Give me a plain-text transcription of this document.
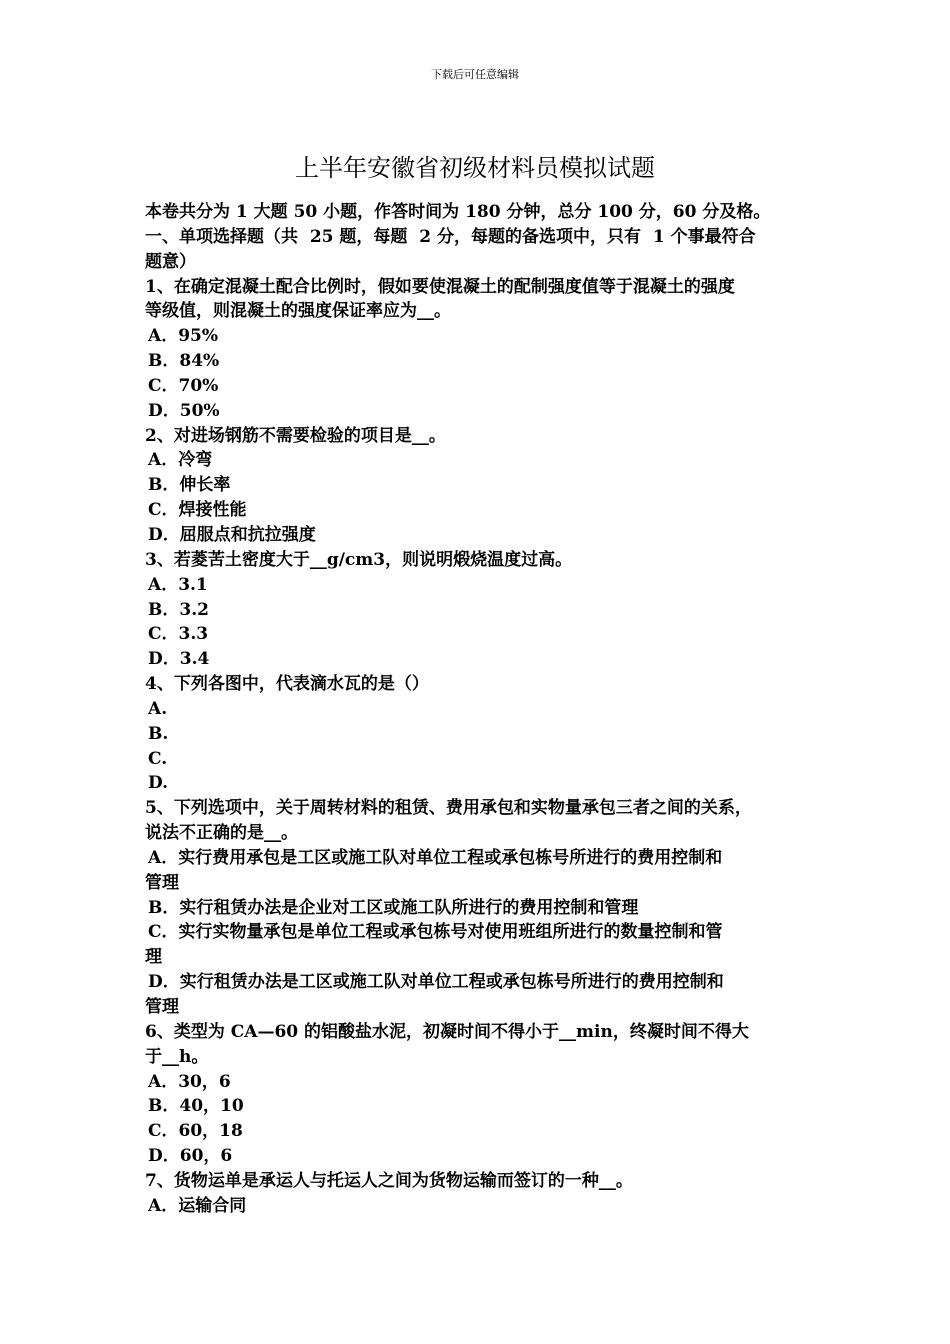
下载后可任意编辑
上半年安徽省初级材料员模拟试题
本卷共分为 1 大题 50 小题，作答时间为 180 分钟，总分 100 分，60 分及格。
一、单项选择题（共  25 题，每题  2 分，每题的备选项中，只有  1 个事最符合
题意）
1、在确定混凝土配合比例时，假如要使混凝土的配制强度值等于混凝土的强度
等级值，则混凝土的强度保证率应为__。
A．95%
B．84%
C．70%
D．50%
2、对进场钢筋不需要检验的项目是__。
A．冷弯
B．伸长率
C．焊接性能
D．屈服点和抗拉强度
3、若菱苦土密度大于__g/cm3，则说明煅烧温度过高。
A．3.1
B．3.2
C．3.3
D．3.4
4、下列各图中，代表滴水瓦的是（）
A.
B.
C.
D.
5、下列选项中，关于周转材料的租赁、费用承包和实物量承包三者之间的关系，
说法不正确的是__。
A．实行费用承包是工区或施工队对单位工程或承包栋号所进行的费用控制和
管理
B．实行租赁办法是企业对工区或施工队所进行的费用控制和管理
C．实行实物量承包是单位工程或承包栋号对使用班组所进行的数量控制和管
理
D．实行租赁办法是工区或施工队对单位工程或承包栋号所进行的费用控制和
管理
6、类型为 CA—60 的铝酸盐水泥，初凝时间不得小于__min，终凝时间不得大
于__h。
A．30，6
B．40，10
C．60，18
D．60，6
7、货物运单是承运人与托运人之间为货物运输而签订的一种__。
A．运输合同
